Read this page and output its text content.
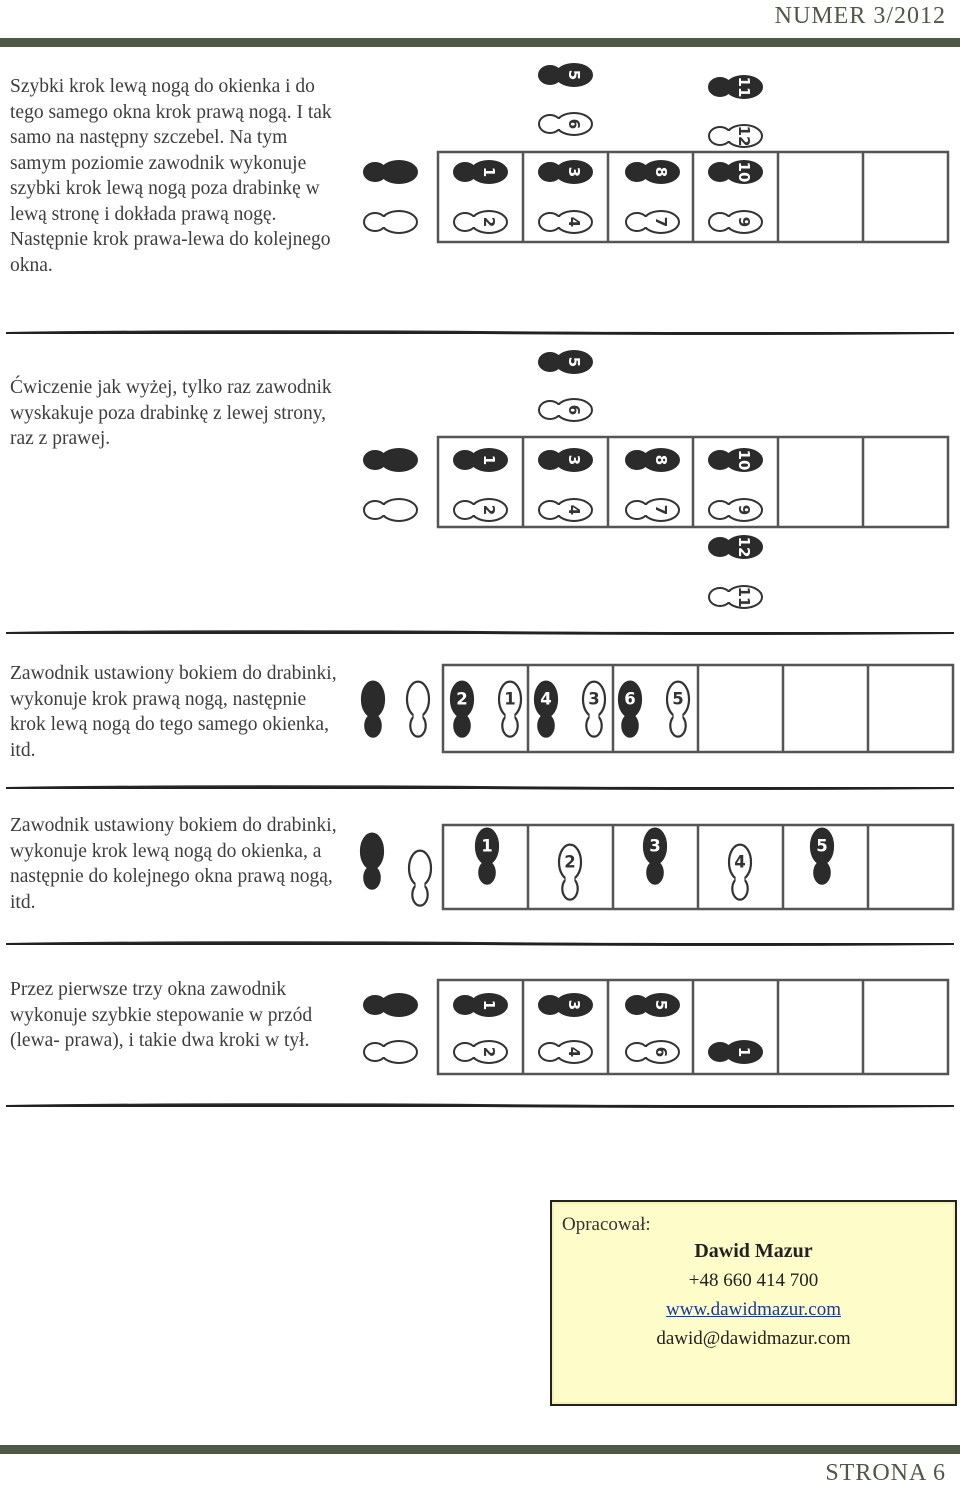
NUMER 3/2012

Szybki krok lewą nogą do okienka i do tego samego okna krok prawą nogą. I tak samo na następny szczebel. Na tym samym poziomie zawodnik wykonuje szybki krok lewą nogą poza drabinkę w lewą stronę i dokłada prawą nogę. Następnie krok prawa-lewa do kolejnego okna.

5
6
1
2
3
4
8
7
10
9
11
12

Ćwiczenie jak wyżej, tylko raz zawodnik wyskakuje poza drabinkę z lewej strony, raz z prawej.

5
6
1
2
3
4
8
7
10
9
12
11

Zawodnik ustawiony bokiem do drabinki, wykonuje krok prawą nogą, następnie krok lewą nogą do tego samego okienka, itd.

2 1 4 3 6 5

Zawodnik ustawiony bokiem do drabinki, wykonuje krok lewą nogą do okienka, a następnie do kolejnego okna prawą nogą, itd.

1
2
3
4
5

Przez pierwsze trzy okna zawodnik wykonuje szybkie stepowanie w przód (lewa- prawa), i takie dwa kroki w tył.

1
2
3
4
5
6	1
Opracował:
Dawid Mazur
+48 660 414 700
www.dawidmazur.com
dawid@dawidmazur.com
STRONA 6
